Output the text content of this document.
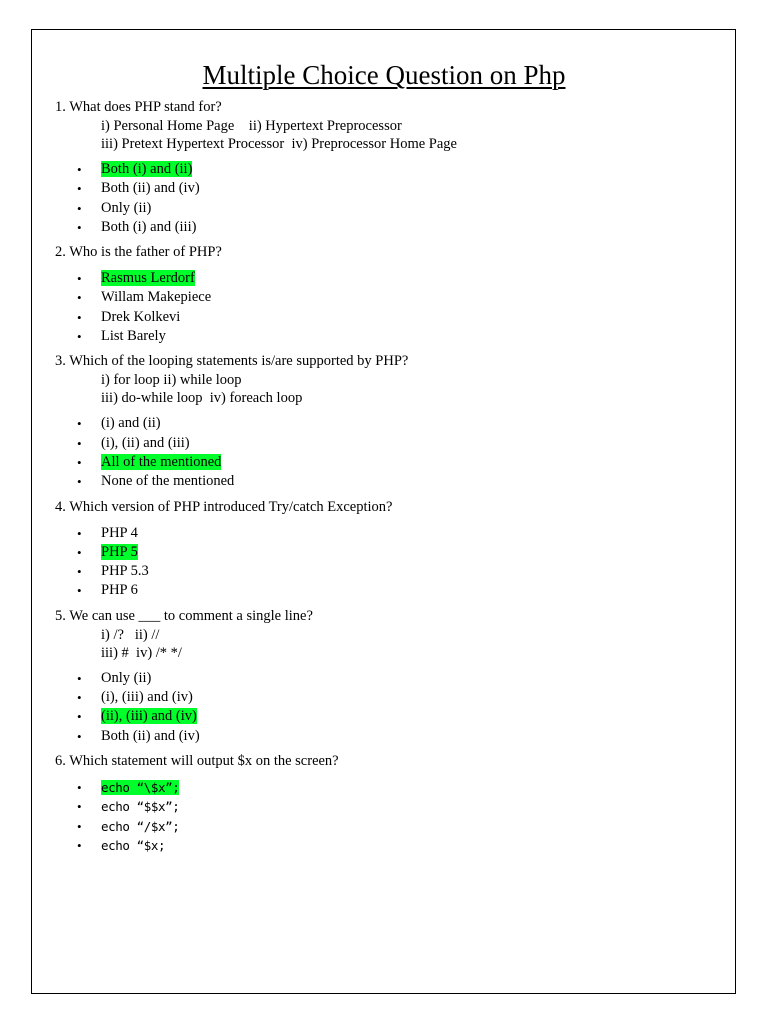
Multiple Choice Question on Php
1. What does PHP stand for?
i) Personal Home Page    ii) Hypertext Preprocessor
iii) Pretext Hypertext Processor  iv) Preprocessor Home Page
• Both (i) and (ii)
• Both (ii) and (iv)
• Only (ii)
• Both (i) and (iii)
2. Who is the father of PHP?
• Rasmus Lerdorf
• Willam Makepiece
• Drek Kolkevi
• List Barely
3. Which of the looping statements is/are supported by PHP?
i) for loop ii) while loop
iii) do-while loop  iv) foreach loop
• (i) and (ii)
• (i), (ii) and (iii)
• All of the mentioned
• None of the mentioned
4. Which version of PHP introduced Try/catch Exception?
• PHP 4
• PHP 5
• PHP 5.3
• PHP 6
5. We can use ___ to comment a single line?
i) /?   ii) //
iii) #  iv) /* */
• Only (ii)
• (i), (iii) and (iv)
• (ii), (iii) and (iv)
• Both (ii) and (iv)
6. Which statement will output $x on the screen?
• echo “\$x”;
• echo “$$x”;
• echo “/$x”;
• echo “$x;
